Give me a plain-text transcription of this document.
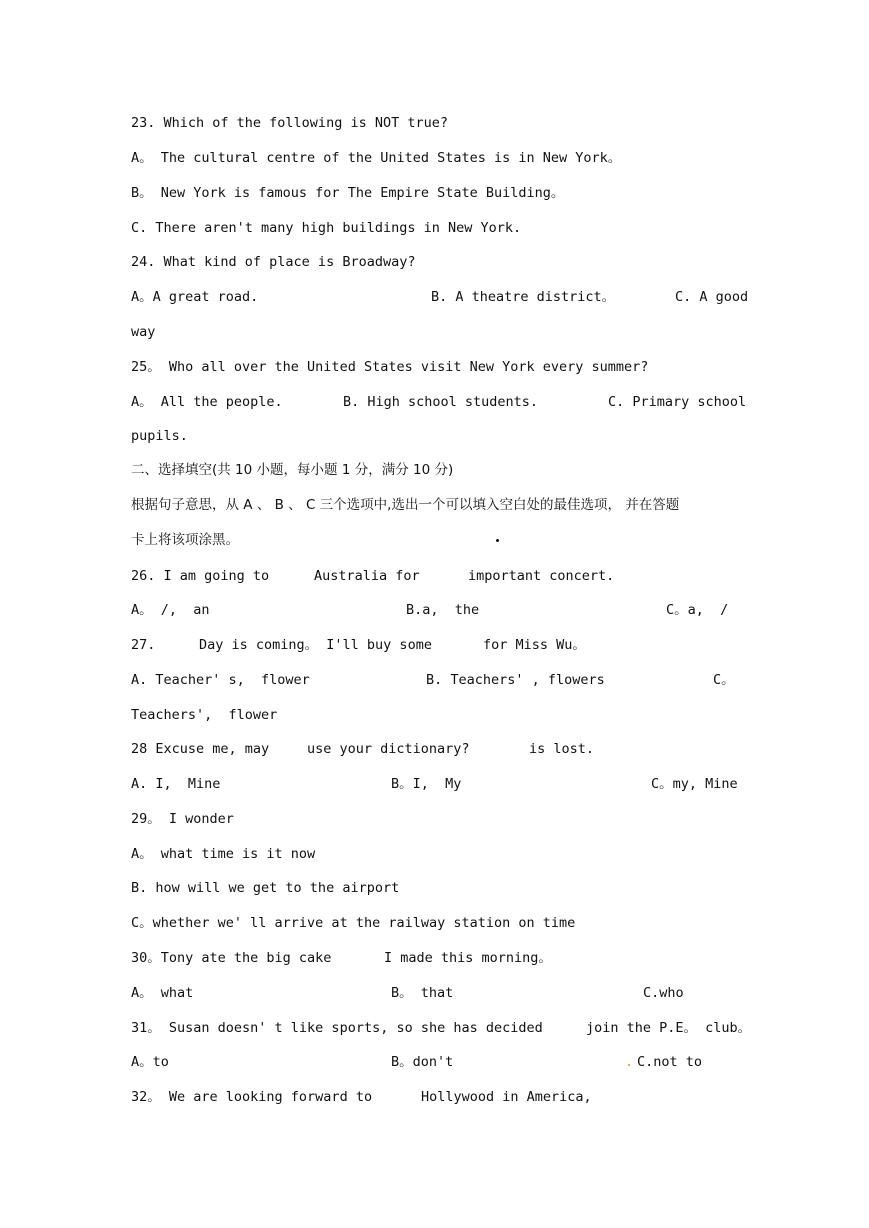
23. Which of the following is NOT true?
A。 The cultural centre of the United States is in New York。
B。 New York is famous for The Empire State Building。
C. There aren't many high buildings in New York.
24. What kind of place is Broadway?

A。A great road.

	B. A theatre district。

	C. A good

way
25。 Who all over the United States visit New York every summer?

A。 All the people.

	B. High school students.

	C. Primary school

pupils.
二、选择填空(共 10 小题，每小题 1 分，满分 10 分)
根据句子意思，从 A 、 B 、 C 三个选项中,选出一个可以填入空白处的最佳选项， 并在答题
卡上将该项涂黑。

26. I am going to

	Australia for

	important concert.

A。 /,  an

	B.a,  the

	C。a,  /

27.

	Day is coming。 I'll buy some

	for Miss Wu。

A. Teacher' s,  flower

	B. Teachers' , flowers

	C。

Teachers',  flower

28 Excuse me, may

	use your dictionary?

	is lost.

A. I,  Mine

	B。I,  My

	C。my, Mine

29。 I wonder
A。 what time is it now
B. how will we get to the airport
C。whether we' ll arrive at the railway station on time

30。Tony ate the big cake

	I made this morning。

A。 what

	B。 that

	C.who

31。 Susan doesn' t like sports, so she has decided

	join the P.E。 club。

A。to

	B。don't

	.

C.not to

32。 We are looking forward to

	Hollywood in America,
